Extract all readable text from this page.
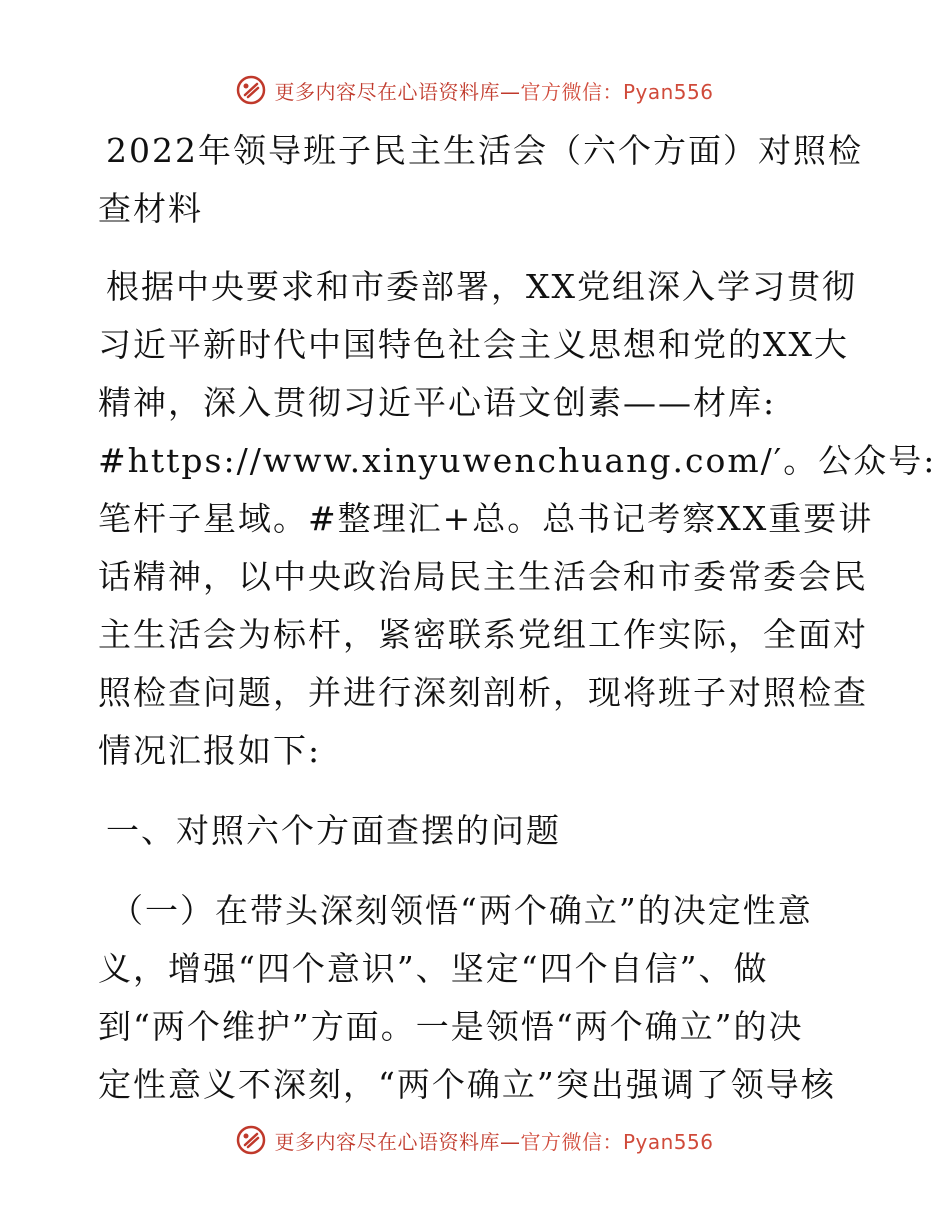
更多内容尽在心语资料库—官方微信：Pyan556
2022年领导班子民主生活会（六个方面）对照检
查材料
根据中央要求和市委部署，XX党组深入学习贯彻
习近平新时代中国特色社会主义思想和党的XX大
精神，深入贯彻习近平心语文创素——材库:
#https://www.xinyuwenchuang.com/′。公众号:
笔杆子星域。#整理汇+总。总书记考察XX重要讲
话精神，以中央政治局民主生活会和市委常委会民
主生活会为标杆，紧密联系党组工作实际，全面对
照检查问题，并进行深刻剖析，现将班子对照检查
情况汇报如下:
一、对照六个方面查摆的问题
（一）在带头深刻领悟“两个确立”的决定性意
义，增强“四个意识”、坚定“四个自信”、做
到“两个维护”方面。一是领悟“两个确立”的决
定性意义不深刻，“两个确立”突出强调了领导核
更多内容尽在心语资料库—官方微信：Pyan556
